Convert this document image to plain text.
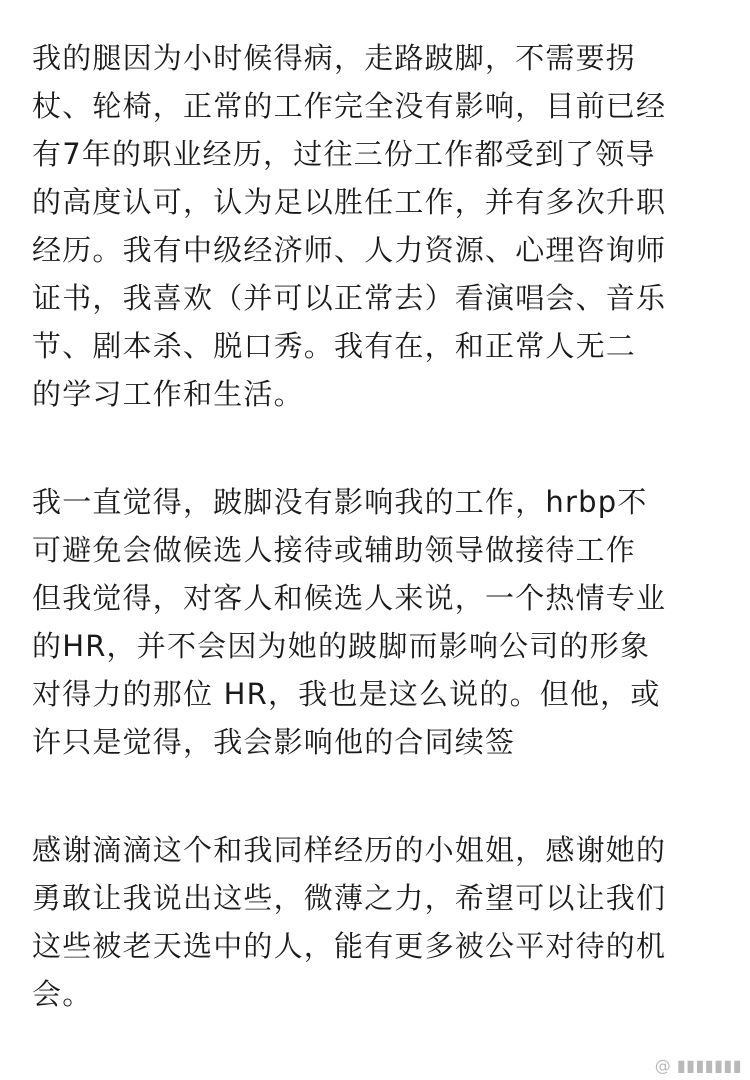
我的腿因为小时候得病，走路跛脚，不需要拐
杖、轮椅，正常的工作完全没有影响，目前已经
有7年的职业经历，过往三份工作都受到了领导
的高度认可，认为足以胜任工作，并有多次升职
经历。我有中级经济师、人力资源、心理咨询师
证书，我喜欢（并可以正常去）看演唱会、音乐
节、剧本杀、脱口秀。我有在，和正常人无二
的学习工作和生活。
我一直觉得，跛脚没有影响我的工作，hrbp不
可避免会做候选人接待或辅助领导做接待工作
但我觉得，对客人和候选人来说，一个热情专业
的HR，并不会因为她的跛脚而影响公司的形象
对得力的那位 HR，我也是这么说的。但他，或
许只是觉得，我会影响他的合同续签
感谢滴滴这个和我同样经历的小姐姐，感谢她的
勇敢让我说出这些，微薄之力，希望可以让我们
这些被老天选中的人，能有更多被公平对待的机
会。
@ ▮▮▮▮▮▮▮
